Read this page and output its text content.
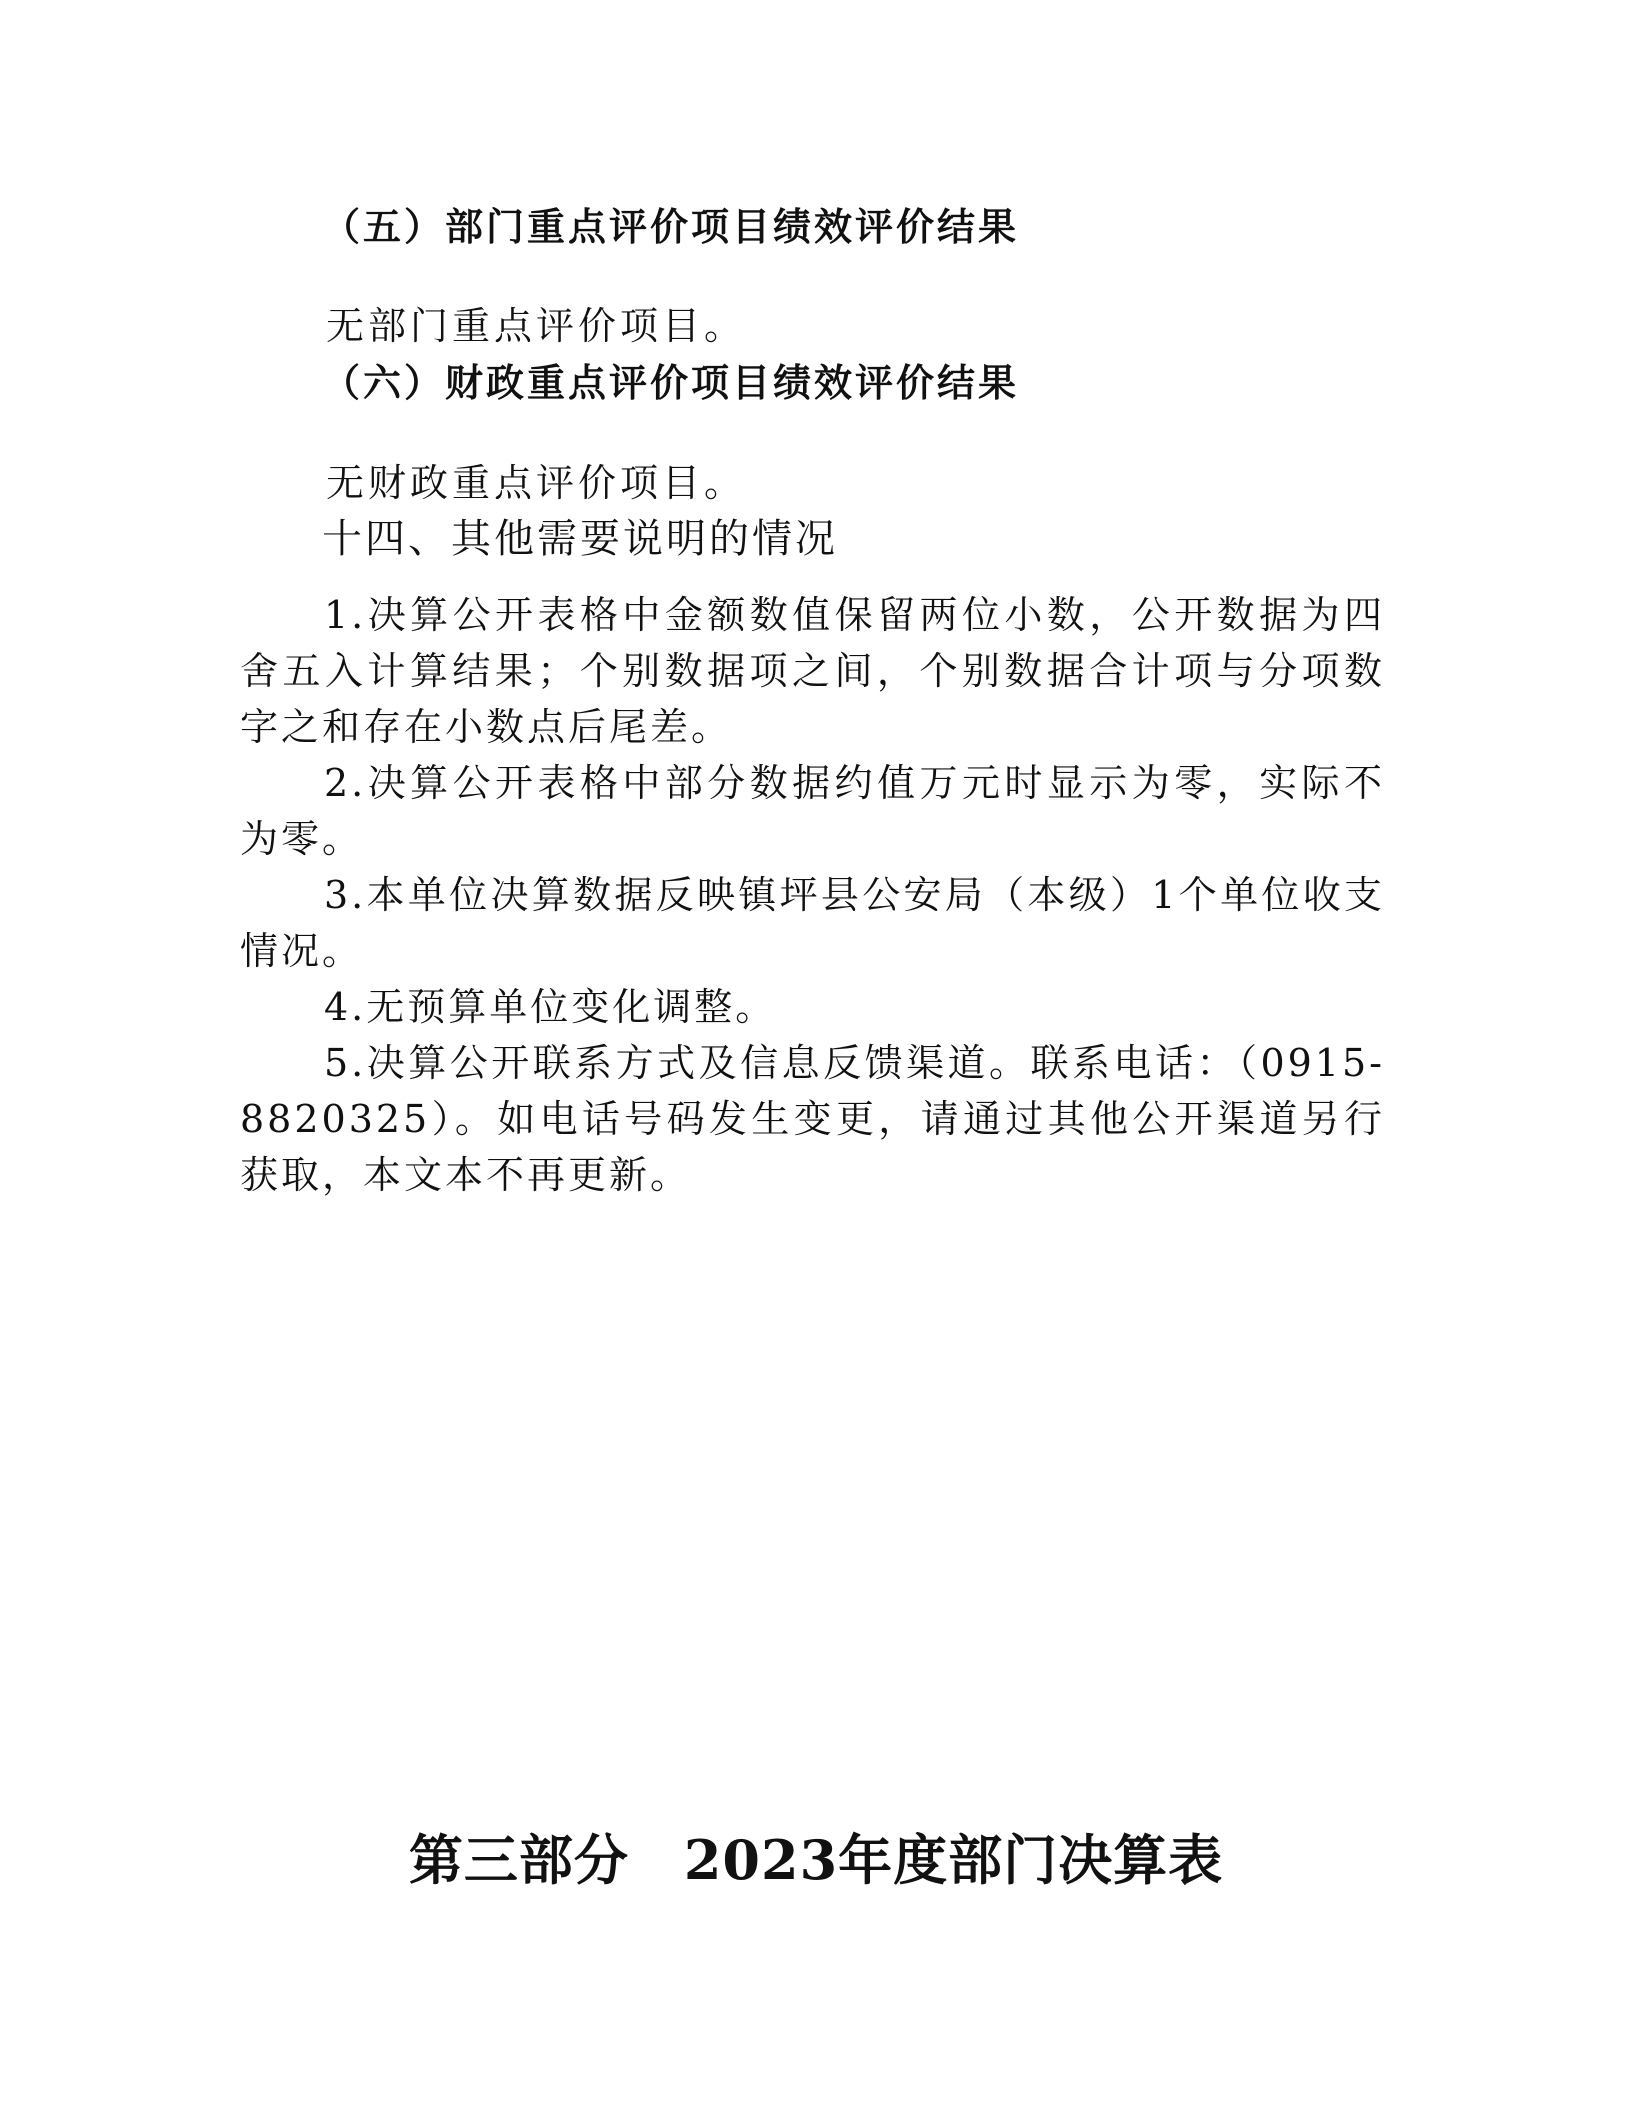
（五）部门重点评价项目绩效评价结果
无部门重点评价项目。
（六）财政重点评价项目绩效评价结果
无财政重点评价项目。
十四、其他需要说明的情况
1.决算公开表格中金额数值保留两位小数，公开数据为四舍五入计算结果；个别数据项之间，个别数据合计项与分项数字之和存在小数点后尾差。
2.决算公开表格中部分数据约值万元时显示为零，实际不为零。
3.本单位决算数据反映镇坪县公安局（本级）1个单位收支情况。
4.无预算单位变化调整。
5.决算公开联系方式及信息反馈渠道。联系电话：（0915-8820325）。如电话号码发生变更，请通过其他公开渠道另行获取，本文本不再更新。
第三部分　2023年度部门决算表
